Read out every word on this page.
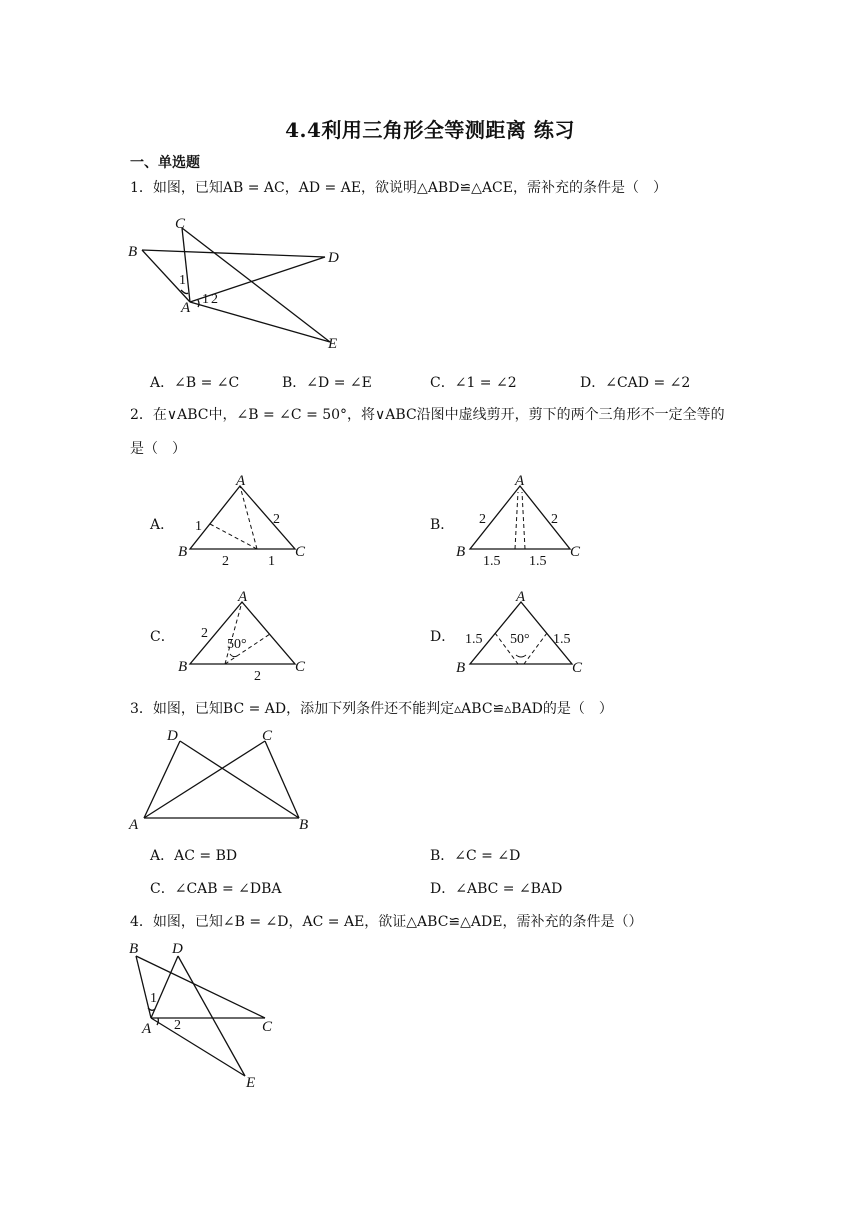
4.4利用三角形全等测距离 练习
一、单选题
1．如图，已知AB = AC，AD = AE，欲说明△ABD≌△ACE，需补充的条件是（　）
C
B	D
A
E
1
1 2
A．∠B = ∠C	B．∠D = ∠E	C．∠1 = ∠2	D．∠CAD = ∠2
2．在∨ABC中，∠B = ∠C = 50°，将∨ABC沿图中虚线剪开，剪下的两个三角形不一定全等的是（　）
A．
A
B	C
1	2
2	1
B．
A
B	C
2	2
1.5 1.5
C．
A
B	C
2
2
50°	D．
A
B	C
1.5	1.5
50°
3．如图，已知BC = AD，添加下列条件还不能判定▵ABC≌▵BAD的是（　）
D	C
A	B
A．AC = BD	B．∠C = ∠D
C．∠CAB = ∠DBA	D．∠ABC = ∠BAD
4．如图，已知∠B = ∠D，AC = AE，欲证△ABC≌△ADE，需补充的条件是（）
B D
A	C
E
1
2
